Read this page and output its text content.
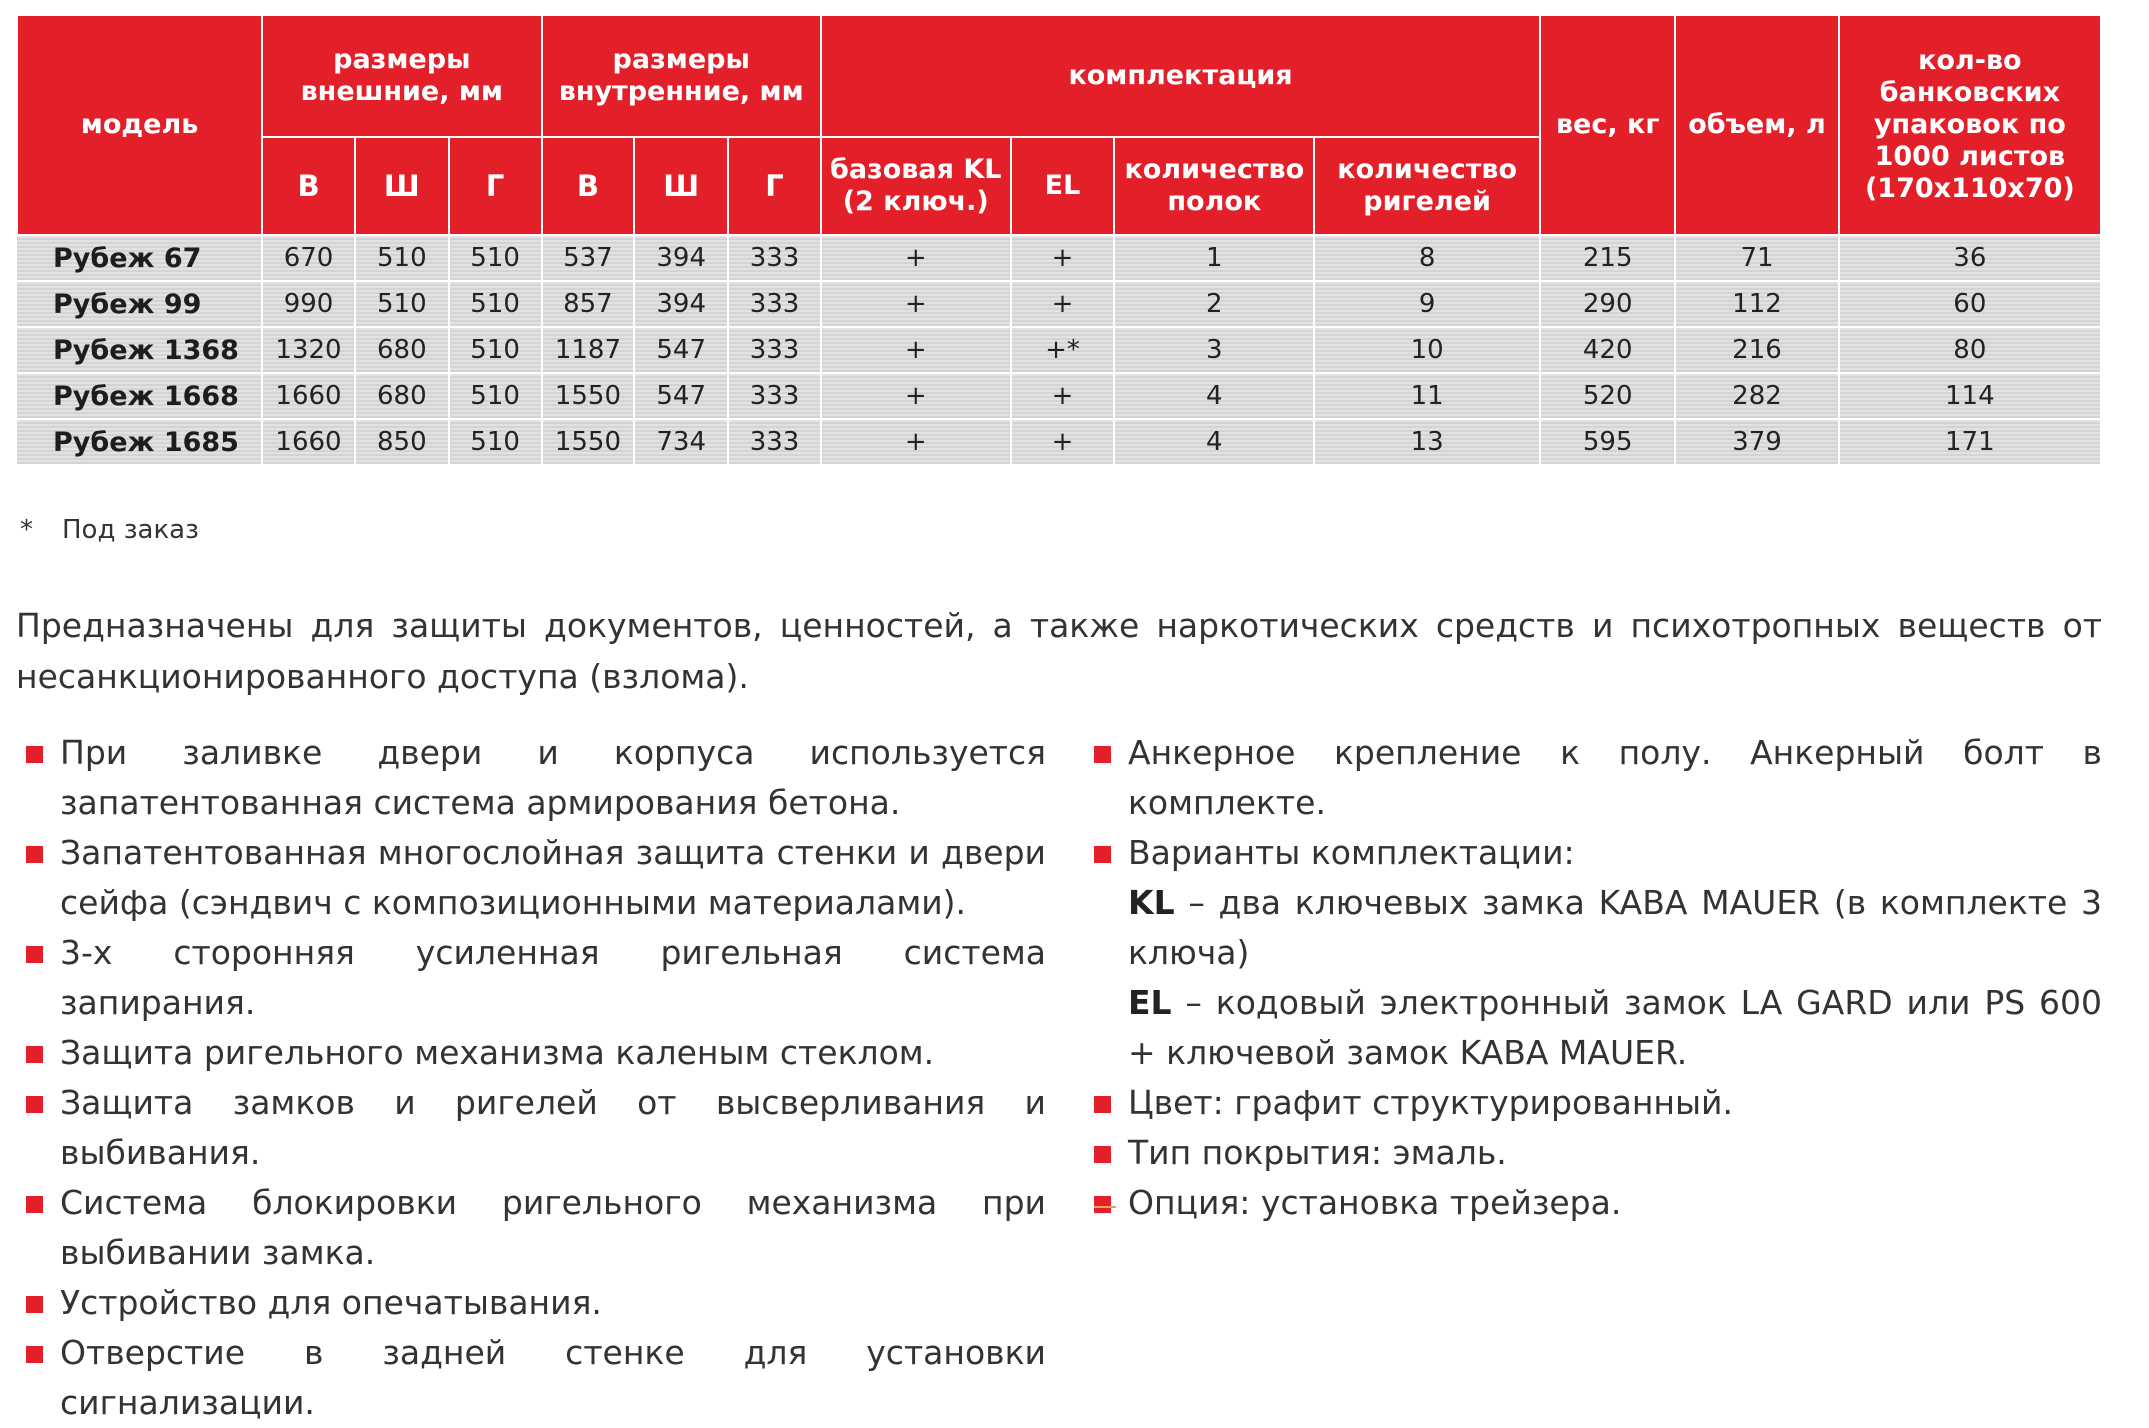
модель	размеры внешние, мм			размеры внутренние, мм			комплектация				вес, кг	объем, л	кол-во банковских упаковок по 1000 листов (170x110x70)
	В	Ш	Г	В	Ш	Г	базовая KL (2 ключ.)	EL	количество полок	количество ригелей			
Рубеж 67	670	510	510	537	394	333	+	+	1	8	215	71	36
Рубеж 99	990	510	510	857	394	333	+	+	2	9	290	112	60
Рубеж 1368	1320	680	510	1187	547	333	+	+*	3	10	420	216	80
Рубеж 1668	1660	680	510	1550	547	333	+	+	4	11	520	282	114
Рубеж 1685	1660	850	510	1550	734	333	+	+	4	13	595	379	171
* Под заказ
Предназначены для защиты документов, ценностей, а также наркотических средств и психотропных веществ от несанкционированного доступа (взлома).
При заливке двери и корпуса используется запатентованная система армирования бетона.
Запатентованная многослойная защита стенки и двери сейфа (сэндвич с композиционными материалами).
3-х сторонняя усиленная ригельная система запирания.
Защита ригельного механизма каленым стеклом.
Защита замков и ригелей от высверливания и выбивания.
Система блокировки ригельного механизма при выбивании замка.
Устройство для опечатывания.
Отверстие в задней стенке для установки сигнализации.
Анкерное крепление к полу. Анкерный болт в комплекте.
Варианты комплектации:
KL – два ключевых замка KABA MAUER (в комплекте 3 ключа)
EL – кодовый электронный замок LA GARD или PS 600 + ключевой замок KABA MAUER.
Цвет: графит структурированный.
Тип покрытия: эмаль.
Опция: установка трейзера.
